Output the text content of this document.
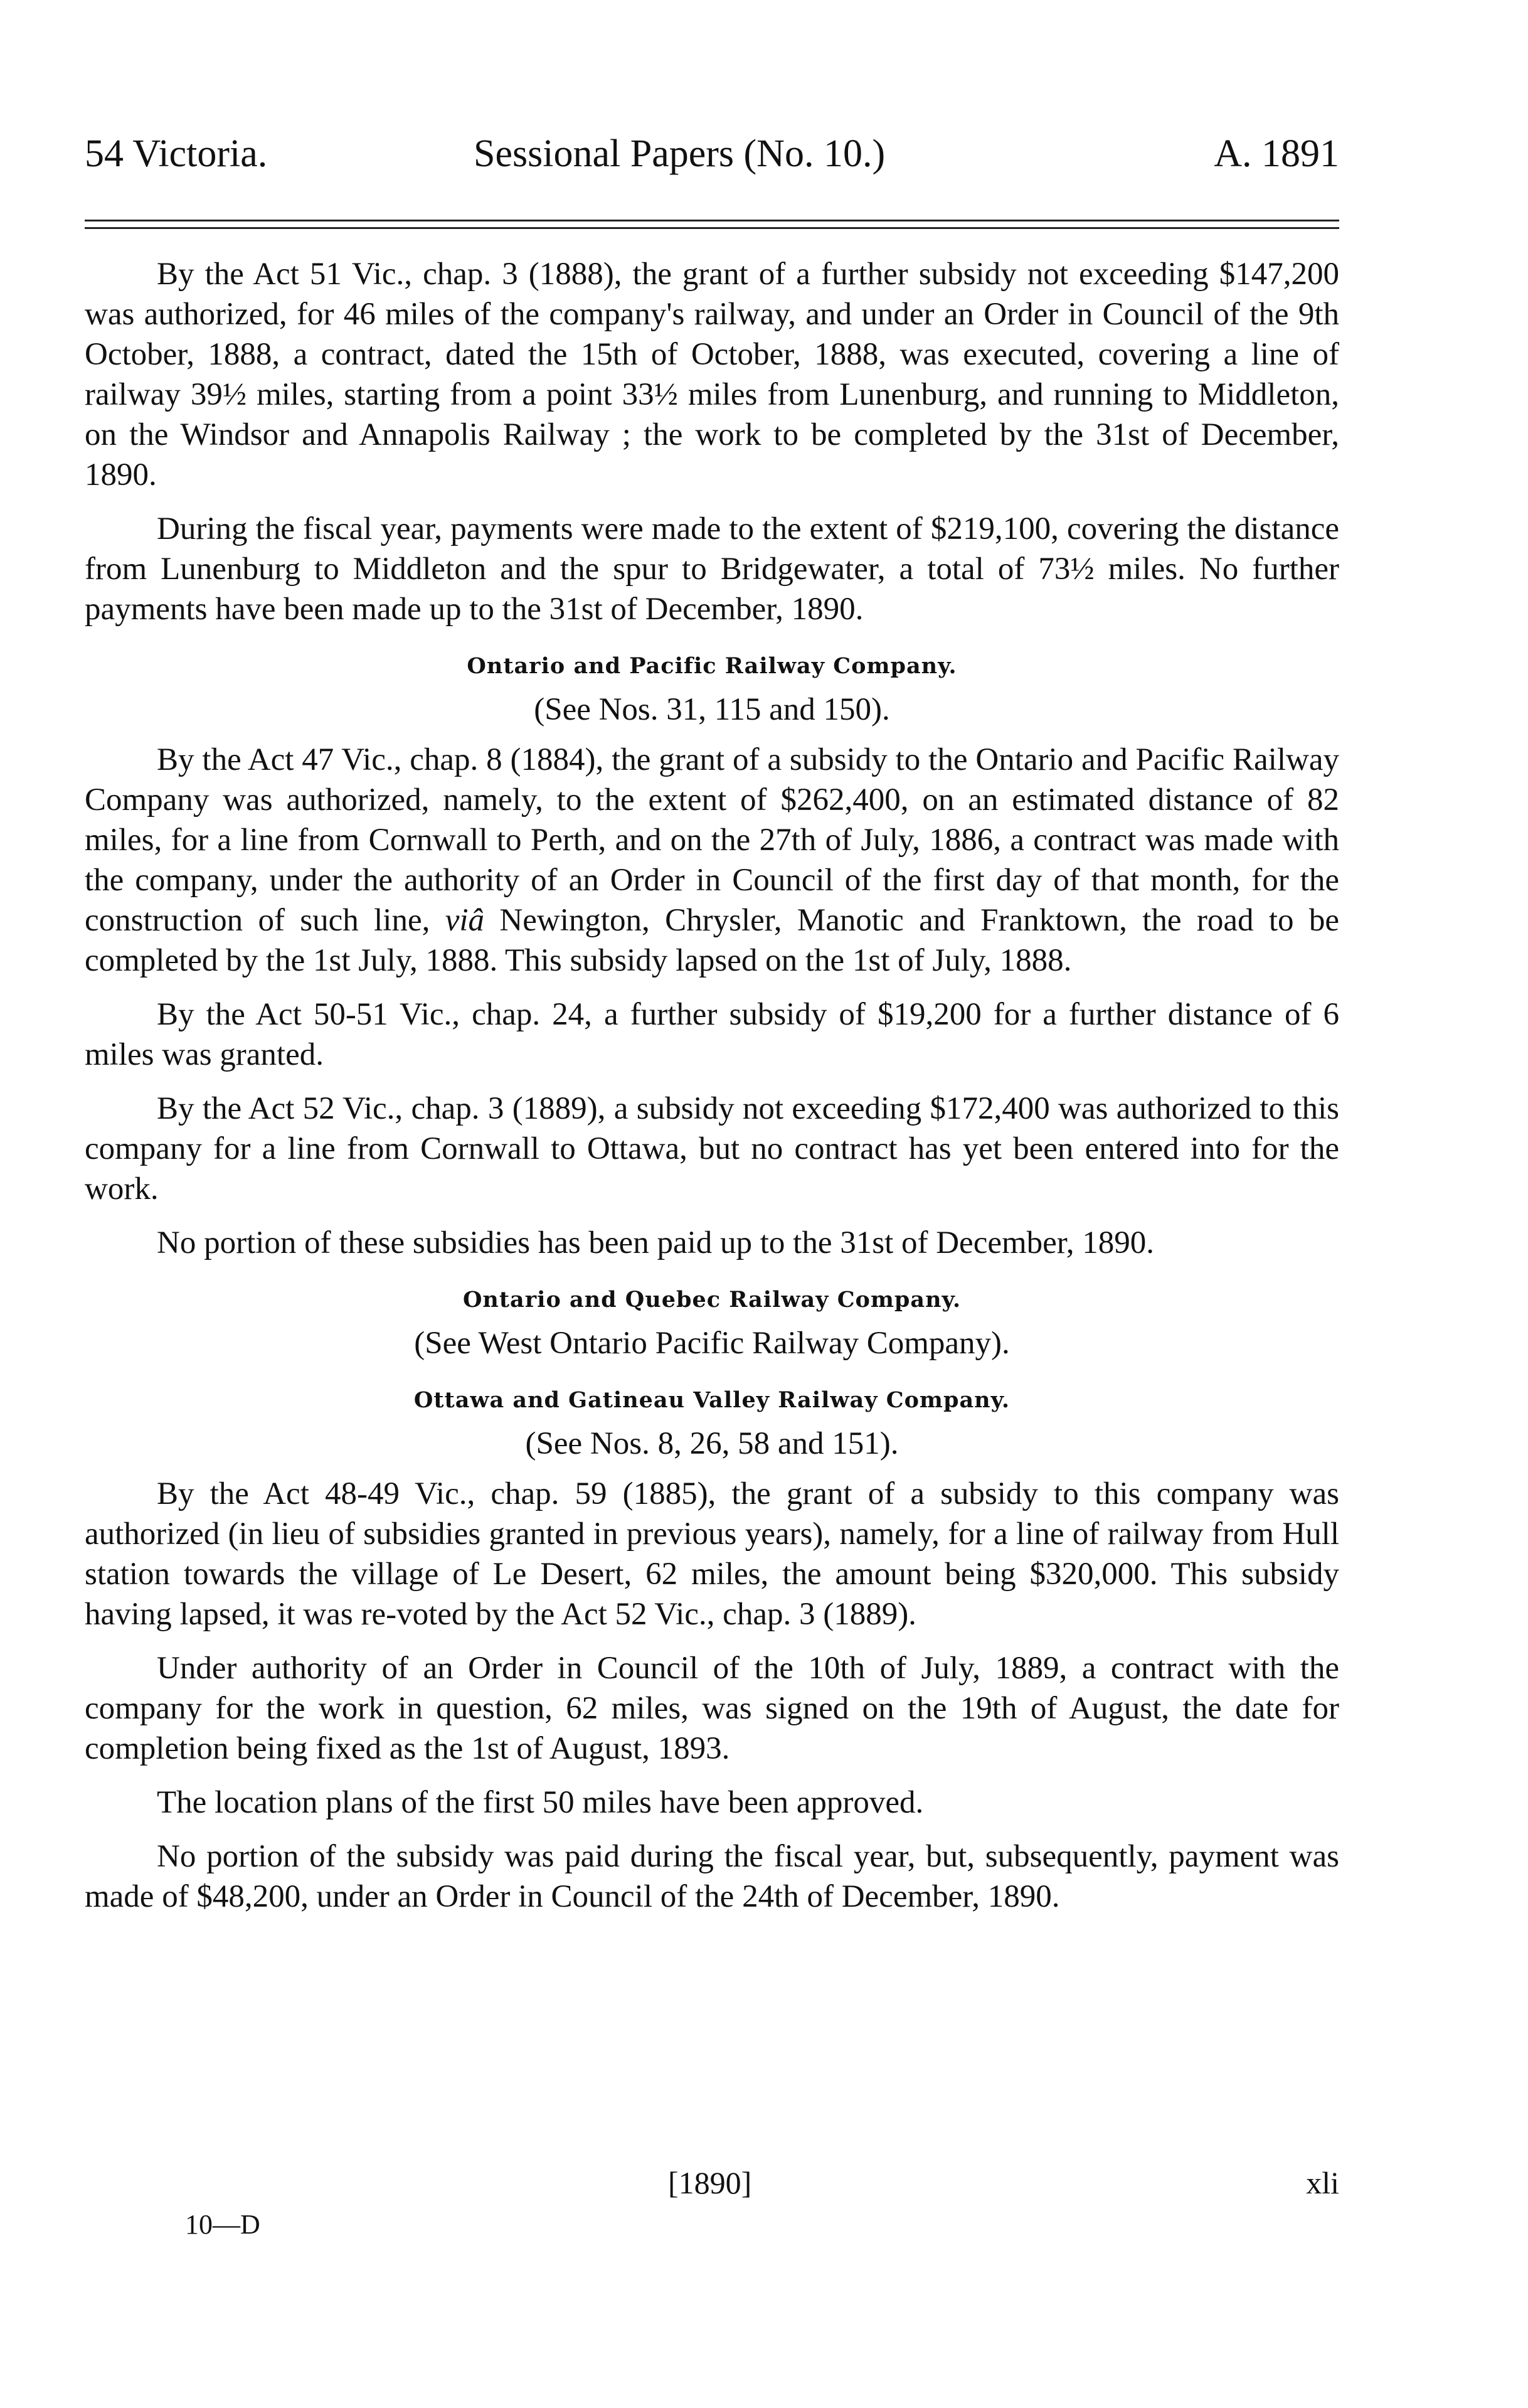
54 Victoria.	Sessional Papers (No. 10.)	A. 1891

By the Act 51 Vic., chap. 3 (1888), the grant of a further subsidy not exceeding $147,200 was authorized, for 46 miles of the company's railway, and under an Order in Council of the 9th October, 1888, a contract, dated the 15th of October, 1888, was executed, covering a line of railway 39½ miles, starting from a point 33½ miles from Lunenburg, and running to Middleton, on the Windsor and Annapolis Railway ; the work to be completed by the 31st of December, 1890.

During the fiscal year, payments were made to the extent of $219,100, covering the distance from Lunenburg to Middleton and the spur to Bridgewater, a total of 73½ miles. No further payments have been made up to the 31st of December, 1890.

Ontario and Pacific Railway Company.
(See Nos. 31, 115 and 150).

By the Act 47 Vic., chap. 8 (1884), the grant of a subsidy to the Ontario and Pacific Railway Company was authorized, namely, to the extent of $262,400, on an estimated distance of 82 miles, for a line from Cornwall to Perth, and on the 27th of July, 1886, a contract was made with the company, under the authority of an Order in Council of the first day of that month, for the construction of such line, viâ Newington, Chrysler, Manotic and Franktown, the road to be completed by the 1st July, 1888. This subsidy lapsed on the 1st of July, 1888.

By the Act 50-51 Vic., chap. 24, a further subsidy of $19,200 for a further distance of 6 miles was granted.

By the Act 52 Vic., chap. 3 (1889), a subsidy not exceeding $172,400 was authorized to this company for a line from Cornwall to Ottawa, but no contract has yet been entered into for the work.

No portion of these subsidies has been paid up to the 31st of December, 1890.

Ontario and Quebec Railway Company.
(See West Ontario Pacific Railway Company).
Ottawa and Gatineau Valley Railway Company.
(See Nos. 8, 26, 58 and 151).

By the Act 48-49 Vic., chap. 59 (1885), the grant of a subsidy to this company was authorized (in lieu of subsidies granted in previous years), namely, for a line of railway from Hull station towards the village of Le Desert, 62 miles, the amount being $320,000. This subsidy having lapsed, it was re-voted by the Act 52 Vic., chap. 3 (1889).

Under authority of an Order in Council of the 10th of July, 1889, a contract with the company for the work in question, 62 miles, was signed on the 19th of August, the date for completion being fixed as the 1st of August, 1893.

The location plans of the first 50 miles have been approved.

No portion of the subsidy was paid during the fiscal year, but, subsequently, payment was made of $48,200, under an Order in Council of the 24th of December, 1890.

[1890]	xli
10—D
